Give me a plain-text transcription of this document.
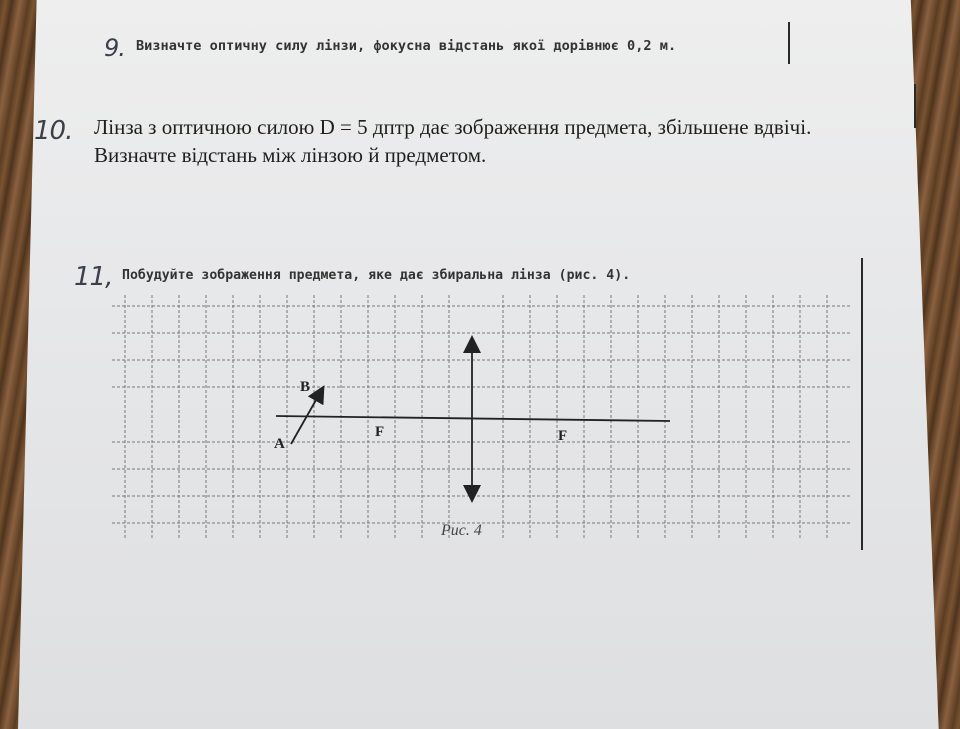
9. Визначте оптичну силу лінзи, фокусна відстань якої дорівнює 0,2 м.
10. Лінза з оптичною силою D = 5 дптр дає зображення предмета, збільшене вдвічі.
Визначте відстань між лінзою й предметом.
11, Побудуйте зображення предмета, яке дає збиральна лінза (рис. 4).
A
B
F	F
Рис. 4
